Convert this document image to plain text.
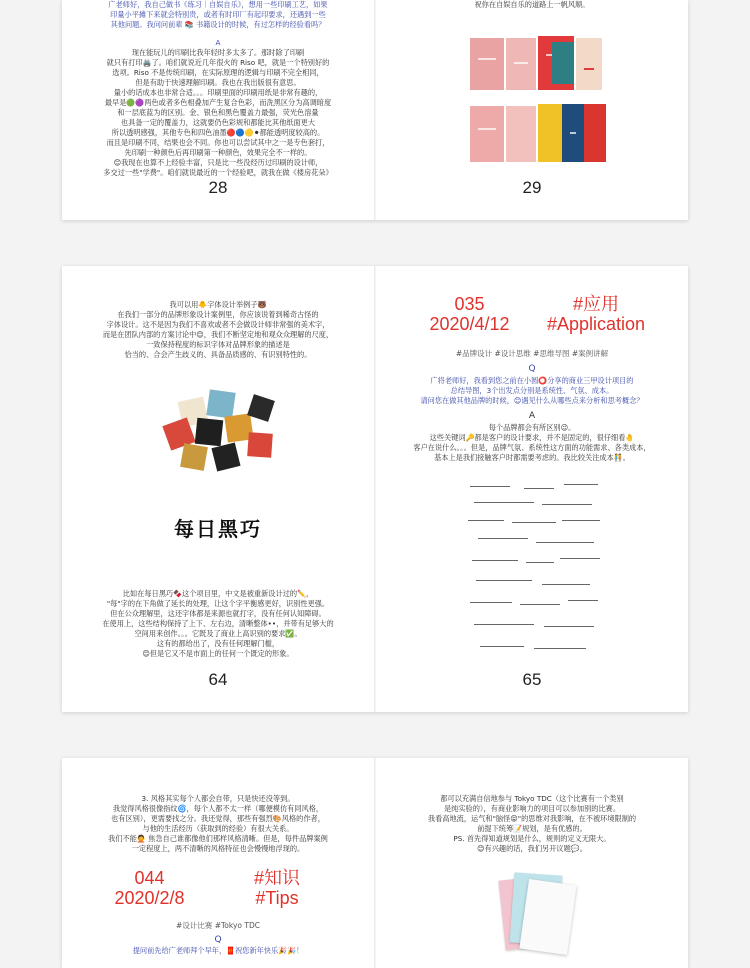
广老师好，我自己做书《练习｜自娱自乐》，想用一些印刷工艺，如果
印量小平摊下来就会特别贵，或者有时印厂有起印要求，还遇到一些
其他问题。我问问前辈 📚 书籍设计的时候，有过怎样的经验看吗？
A
现在能玩儿的印刷比我年轻时多太多了。那时除了印刷
就只有打印🖨️了。咱们就说近几年很火的 Riso 吧，就是一个特别好的
选项。Riso 不是传统印刷，在实际原理的逻辑与印刷不完全相同，
但是有助于快速理解印刷。我也在我出版很有意思。
量小的话成本也非常合适。。。印刷里面的印刷用纸是非常有趣的，
最早是🟢🟣两色或者多色相叠加产生复合色彩，而洗黑区分为高调暗度
和一层底蓝为的区别。金、银色和黑色覆盖力最强，荧光色溶量
也具备一定的覆盖力，这就要仍色彩规和都能比其他纸面更大
所以透明感强，其他专色和四色油墨🔴🔵🟡⚫都能透明度较高的。
而且是印刷不同，结果也会不同。你也可以尝试其中之一是专色套打，
先印刷一种颜色后再印刷第一种颜色，效果完全不一样的。
😊我现在也算不上经验丰富，只是比一些没经历过印刷的设计师，
多交过一些"学费"。咱们就说最近的一个经验吧，就我在做《楼房花朵》
28
祝你在自娱自乐的道路上一帆风顺。
29
我可以用🐥字体设计举例子🐻
在我们一部分的品牌形象设计案例里，你应该说着到稀奇古怪的
字体设计。这不是因为我们不喜欢或者不会做设计师非常强的美术字，
而是在团队内部的方案讨论中😊，我们不断坚定地和观众众理解的尺度，
一致保持程度的标识字体对品牌形象的描述是
恰当的、合会产生歧义的、具备品质感的、有识别特性的。
每日黑巧
比如在每日黑巧🍫这个项目里，中文是被重新设计过的✏️，
"每"字的在下角做了延长的处理，让这个字平衡感更好，识别性更强。
但在公众理解里，这还字体都是来源也就打字，没有任何认知障碍。
在使用上，这些结构保持了上下、左右边，清晰整体••，并带有足够大的
空间用来创作。。。它既及了商业上高识别的要求✅。
这有的都给出了，没有任何理解门槛，
😊但是它又不是市面上的任何一个既定的形象。
64
035
2020/4/12
#应用
#Application
#品牌设计 #设计思维 #思维导图 #案例讲解
Q
广将老师好，我看到您之前在小圆⭕分享的商业三甲设计项目的
总结导图，3个出发点分别是系统性、气氛、成本。
请问您在做其他品牌的时候，😊遇见什么从哪些点来分析和思考概念？
A
每个品牌都会有所区别😉。
这些关键词🔑都是客户的设计要求，并不是固定的，很仔细看🤚
客户在说什么。。。但是，品牌气氛、系统性这方面的功能需求、各类成本，
基本上是我们接触客户时都需要考虑的。我比较关注成本🧑‍🤝‍🧑。
65
3. 风格其实每个人都会自带，只是快还没等到。
我觉得风格很像指纹🌀，每个人都不太一样（哪便模仿有同风格，
也有区别），更需要找之分。我还觉得，那些有强烈🎨风格的作者，
与他的生活经历（获取到的经验）有很大关系。
我们不能🙅 焦急自己谁都像他们那样风格清晰。但是，每件品牌案例
一定程度上，两不清晰的风格特征也会慢慢地浮现的。
044
2020/2/8
#知识
#Tips
#设计比赛 #Tokyo TDC
Q
提问前先给广老师拜个早年，🧧祝您新年快乐🎉🎉！
都可以充满自信地参与 Tokyo TDC（这个比赛有一个类别
是纯实验的），有商业影响力的项目可以参加别的比赛。
我看高地流，运气和"脑怪😝"的思维对我影响，在不被环境限制的
前提下统筹📝规划，是有优感的。
PS. 首先得知道规划是什么，规则的定义无限大。
😊有兴趣的话，我们另开议题💬。
